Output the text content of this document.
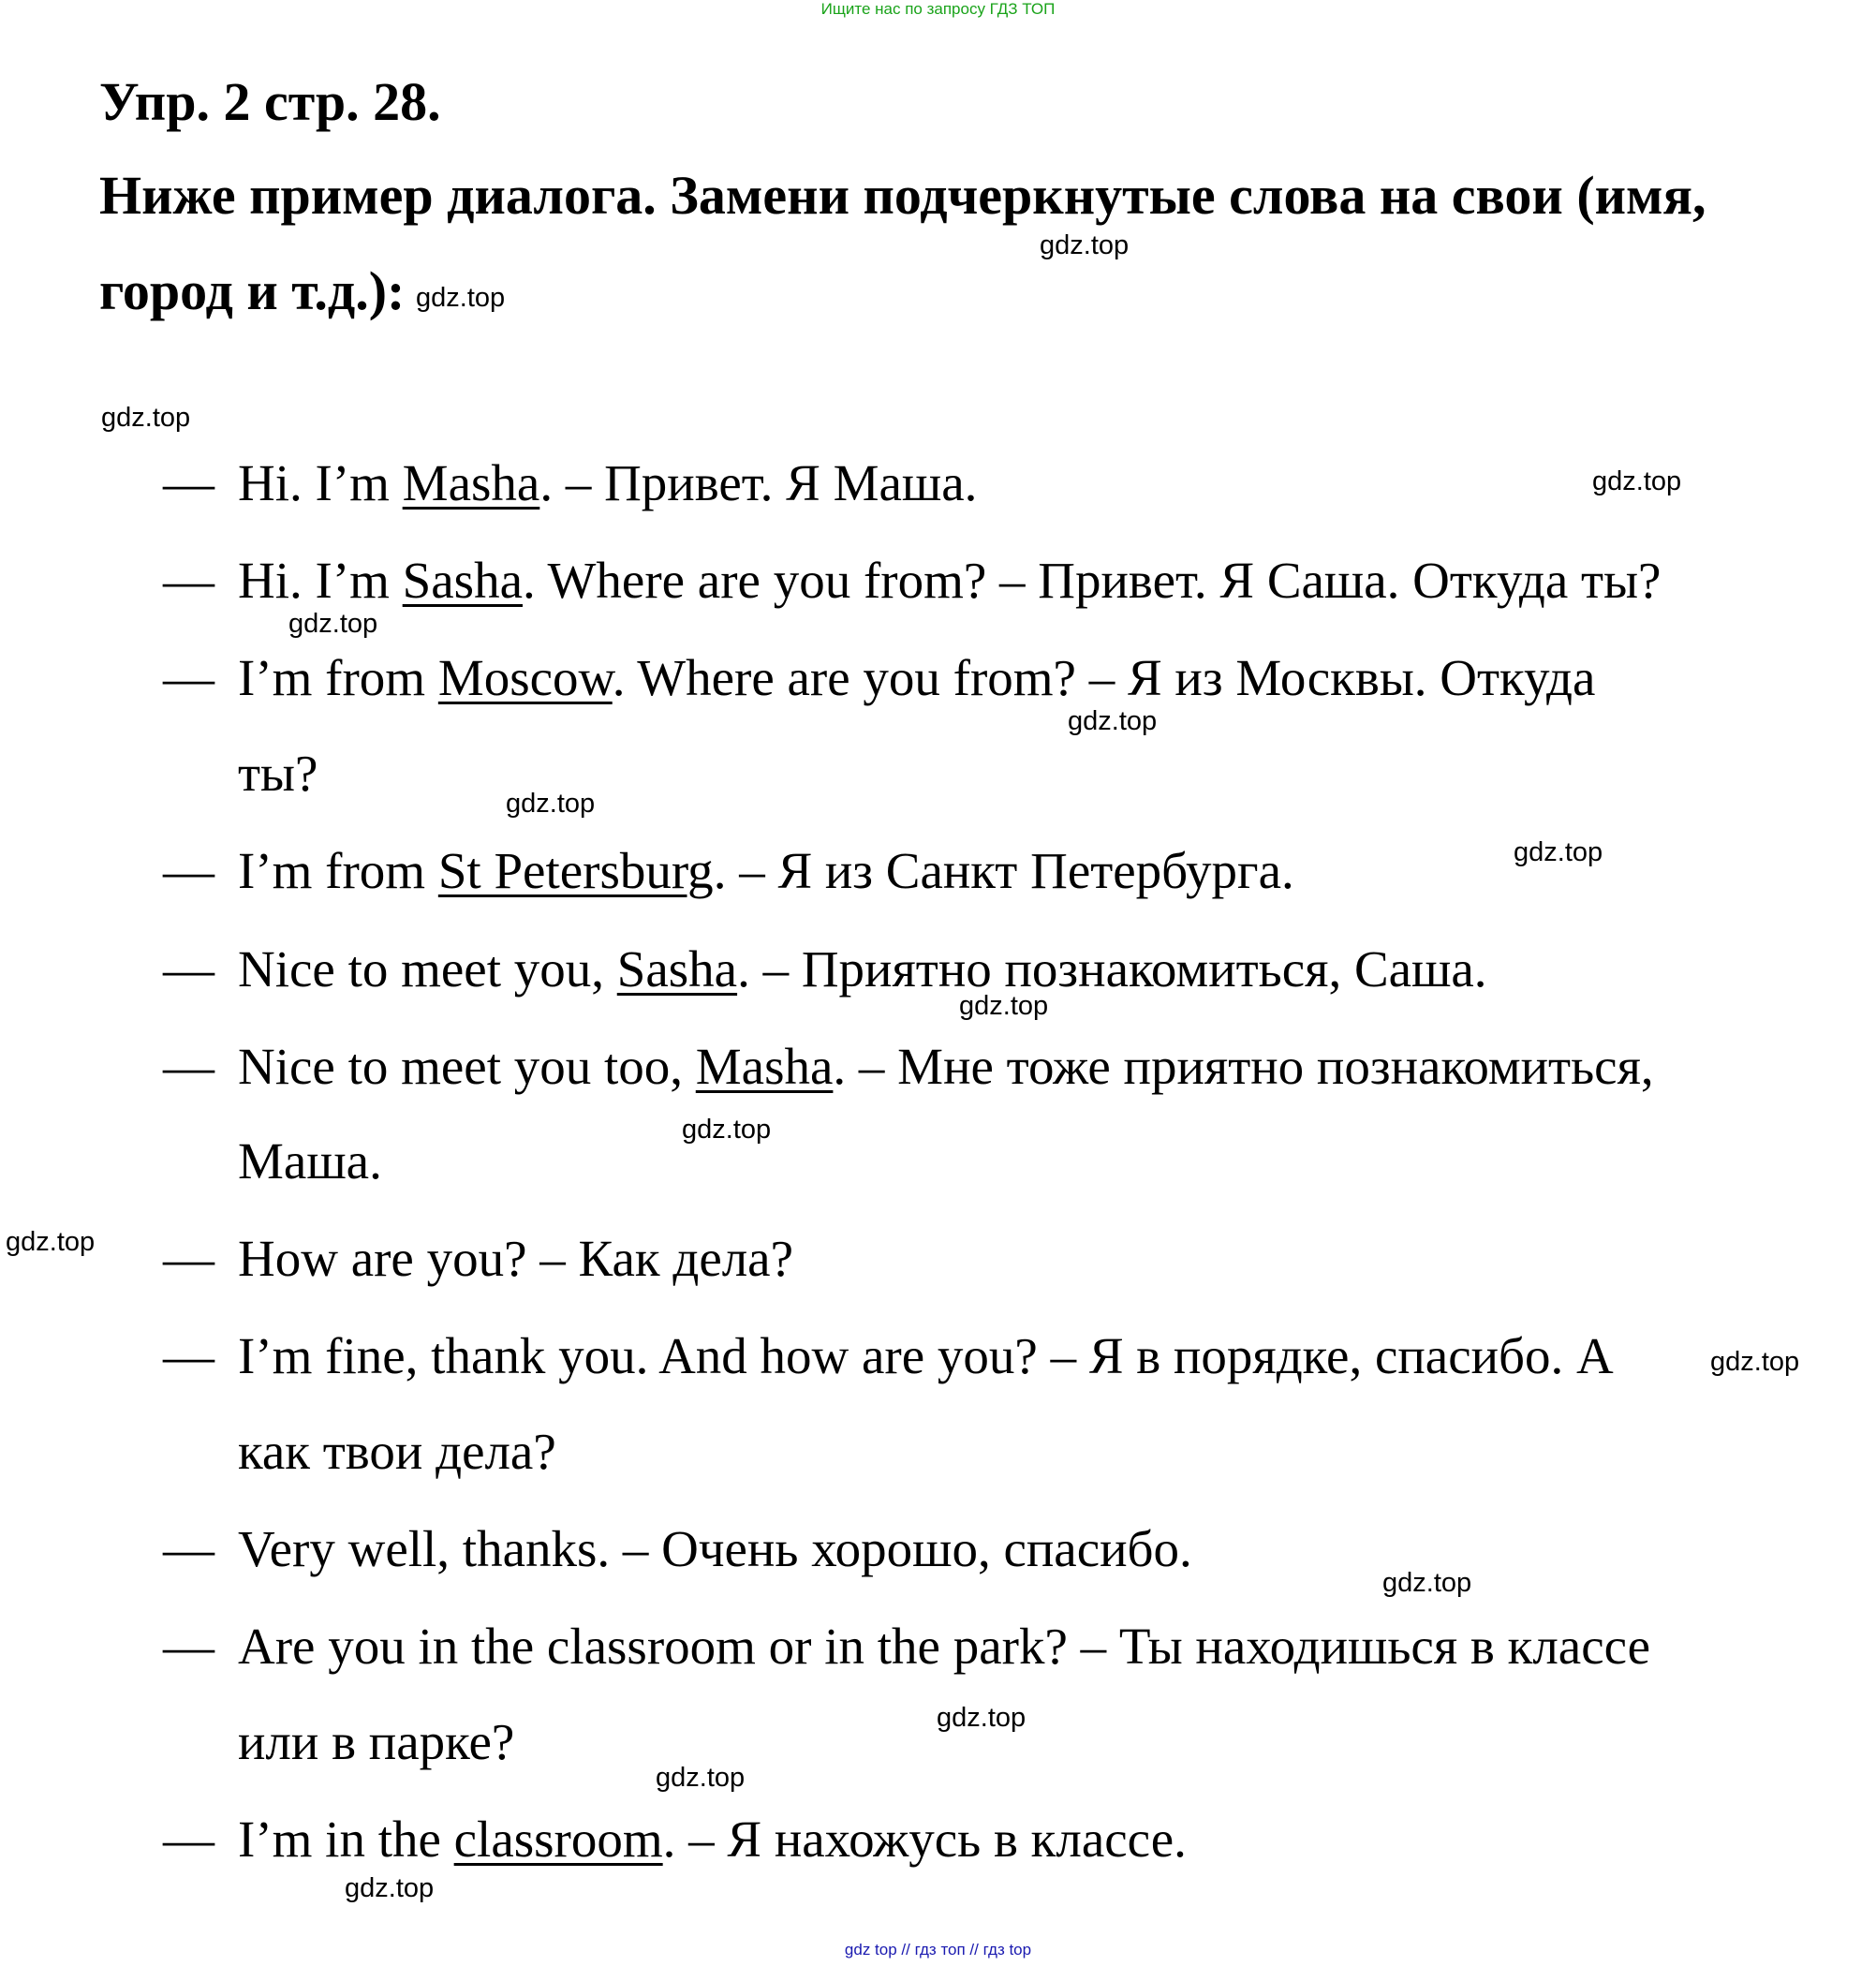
Ищите нас по запросу ГДЗ ТОП
Упр. 2 стр. 28.

Ниже пример диалога. Замени подчеркнутые слова на свои (имя,

город и т.д.):

— Hi. I’m Masha. – Привет. Я Маша.

— Hi. I’m Sasha. Where are you from? – Привет. Я Саша. Откуда ты?

— I’m from Moscow. Where are you from? – Я из Москвы. Откуда

ты?

— I’m from St Petersburg. – Я из Санкт Петербурга.

— Nice to meet you, Sasha. – Приятно познакомиться, Саша.

— Nice to meet you too, Masha. – Мне тоже приятно познакомиться,

Маша.

— How are you? – Как дела?

— I’m fine, thank you. And how are you? – Я в порядке, спасибо. А

как твои дела?

— Very well, thanks. – Очень хорошо, спасибо.

— Are you in the classroom or in the park? – Ты находишься в классе

или в парке?

— I’m in the classroom. – Я нахожусь в классе.

gdz.top
gdz.top
gdz.top
gdz.top
gdz.top
gdz.top
gdz.top
gdz.top
gdz.top
gdz.top
gdz.top
gdz.top
gdz.top
gdz.top
gdz.top
gdz.top
gdz top // гдз топ // гдз top
